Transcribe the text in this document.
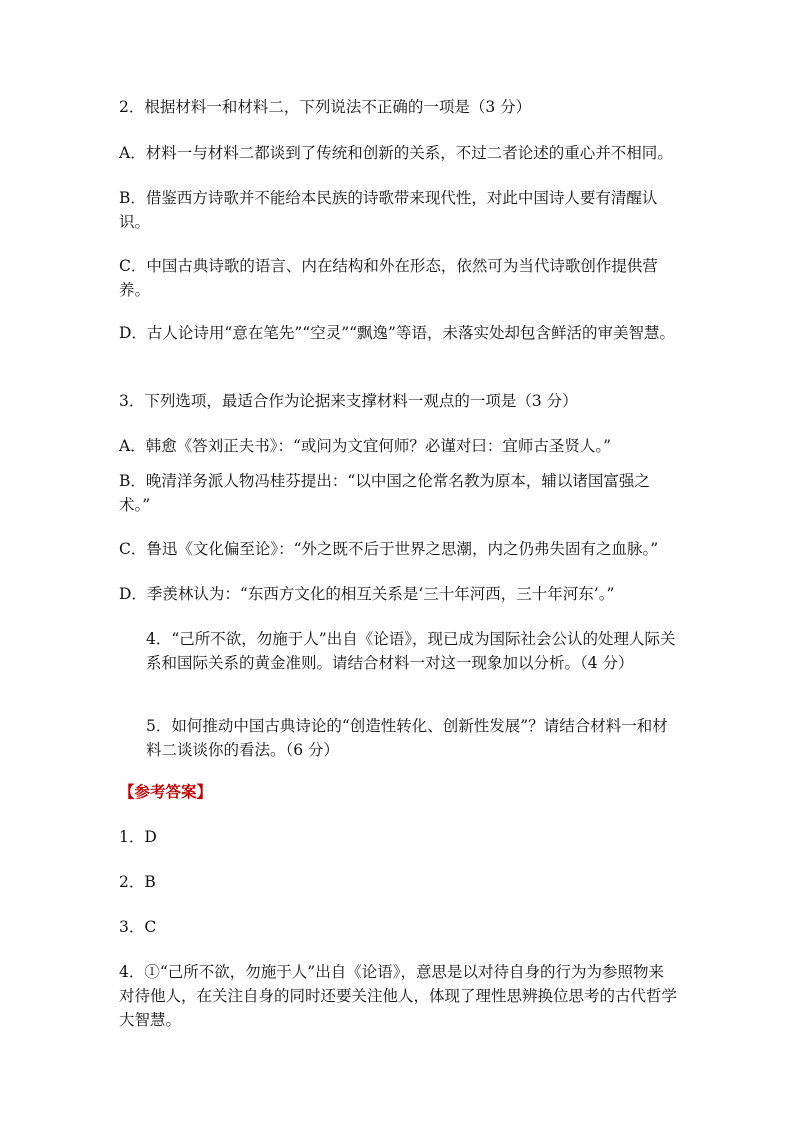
2．根据材料一和材料二，下列说法不正确的一项是（3 分）

A．材料一与材料二都谈到了传统和创新的关系，不过二者论述的重心并不相同。

B．借鉴西方诗歌并不能给本民族的诗歌带来现代性，对此中国诗人要有清醒认识。

C．中国古典诗歌的语言、内在结构和外在形态，依然可为当代诗歌创作提供营养。

D．古人论诗用“意在笔先”“空灵”“飘逸”等语，未落实处却包含鲜活的审美智慧。

3．下列选项，最适合作为论据来支撑材料一观点的一项是（3 分）

A．韩愈《答刘正夫书》：“或问为文宜何师？必谨对曰：宜师古圣贤人。”

B．晚清洋务派人物冯桂芬提出：“以中国之伦常名教为原本，辅以诸国富强之术。”

C．鲁迅《文化偏至论》：“外之既不后于世界之思潮，内之仍弗失固有之血脉。”

D．季羡林认为：“东西方文化的相互关系是‘三十年河西，三十年河东’。”

4．“己所不欲，勿施于人”出自《论语》，现已成为国际社会公认的处理人际关系和国际关系的黄金准则。请结合材料一对这一现象加以分析。（4 分）

5．如何推动中国古典诗论的“创造性转化、创新性发展”？请结合材料一和材料二谈谈你的看法。（6 分）

【参考答案】

1．D

2．B

3．C

4．①“己所不欲，勿施于人”出自《论语》，意思是以对待自身的行为为参照物来对待他人，在关注自身的同时还要关注他人，体现了理性思辨换位思考的古代哲学大智慧。
